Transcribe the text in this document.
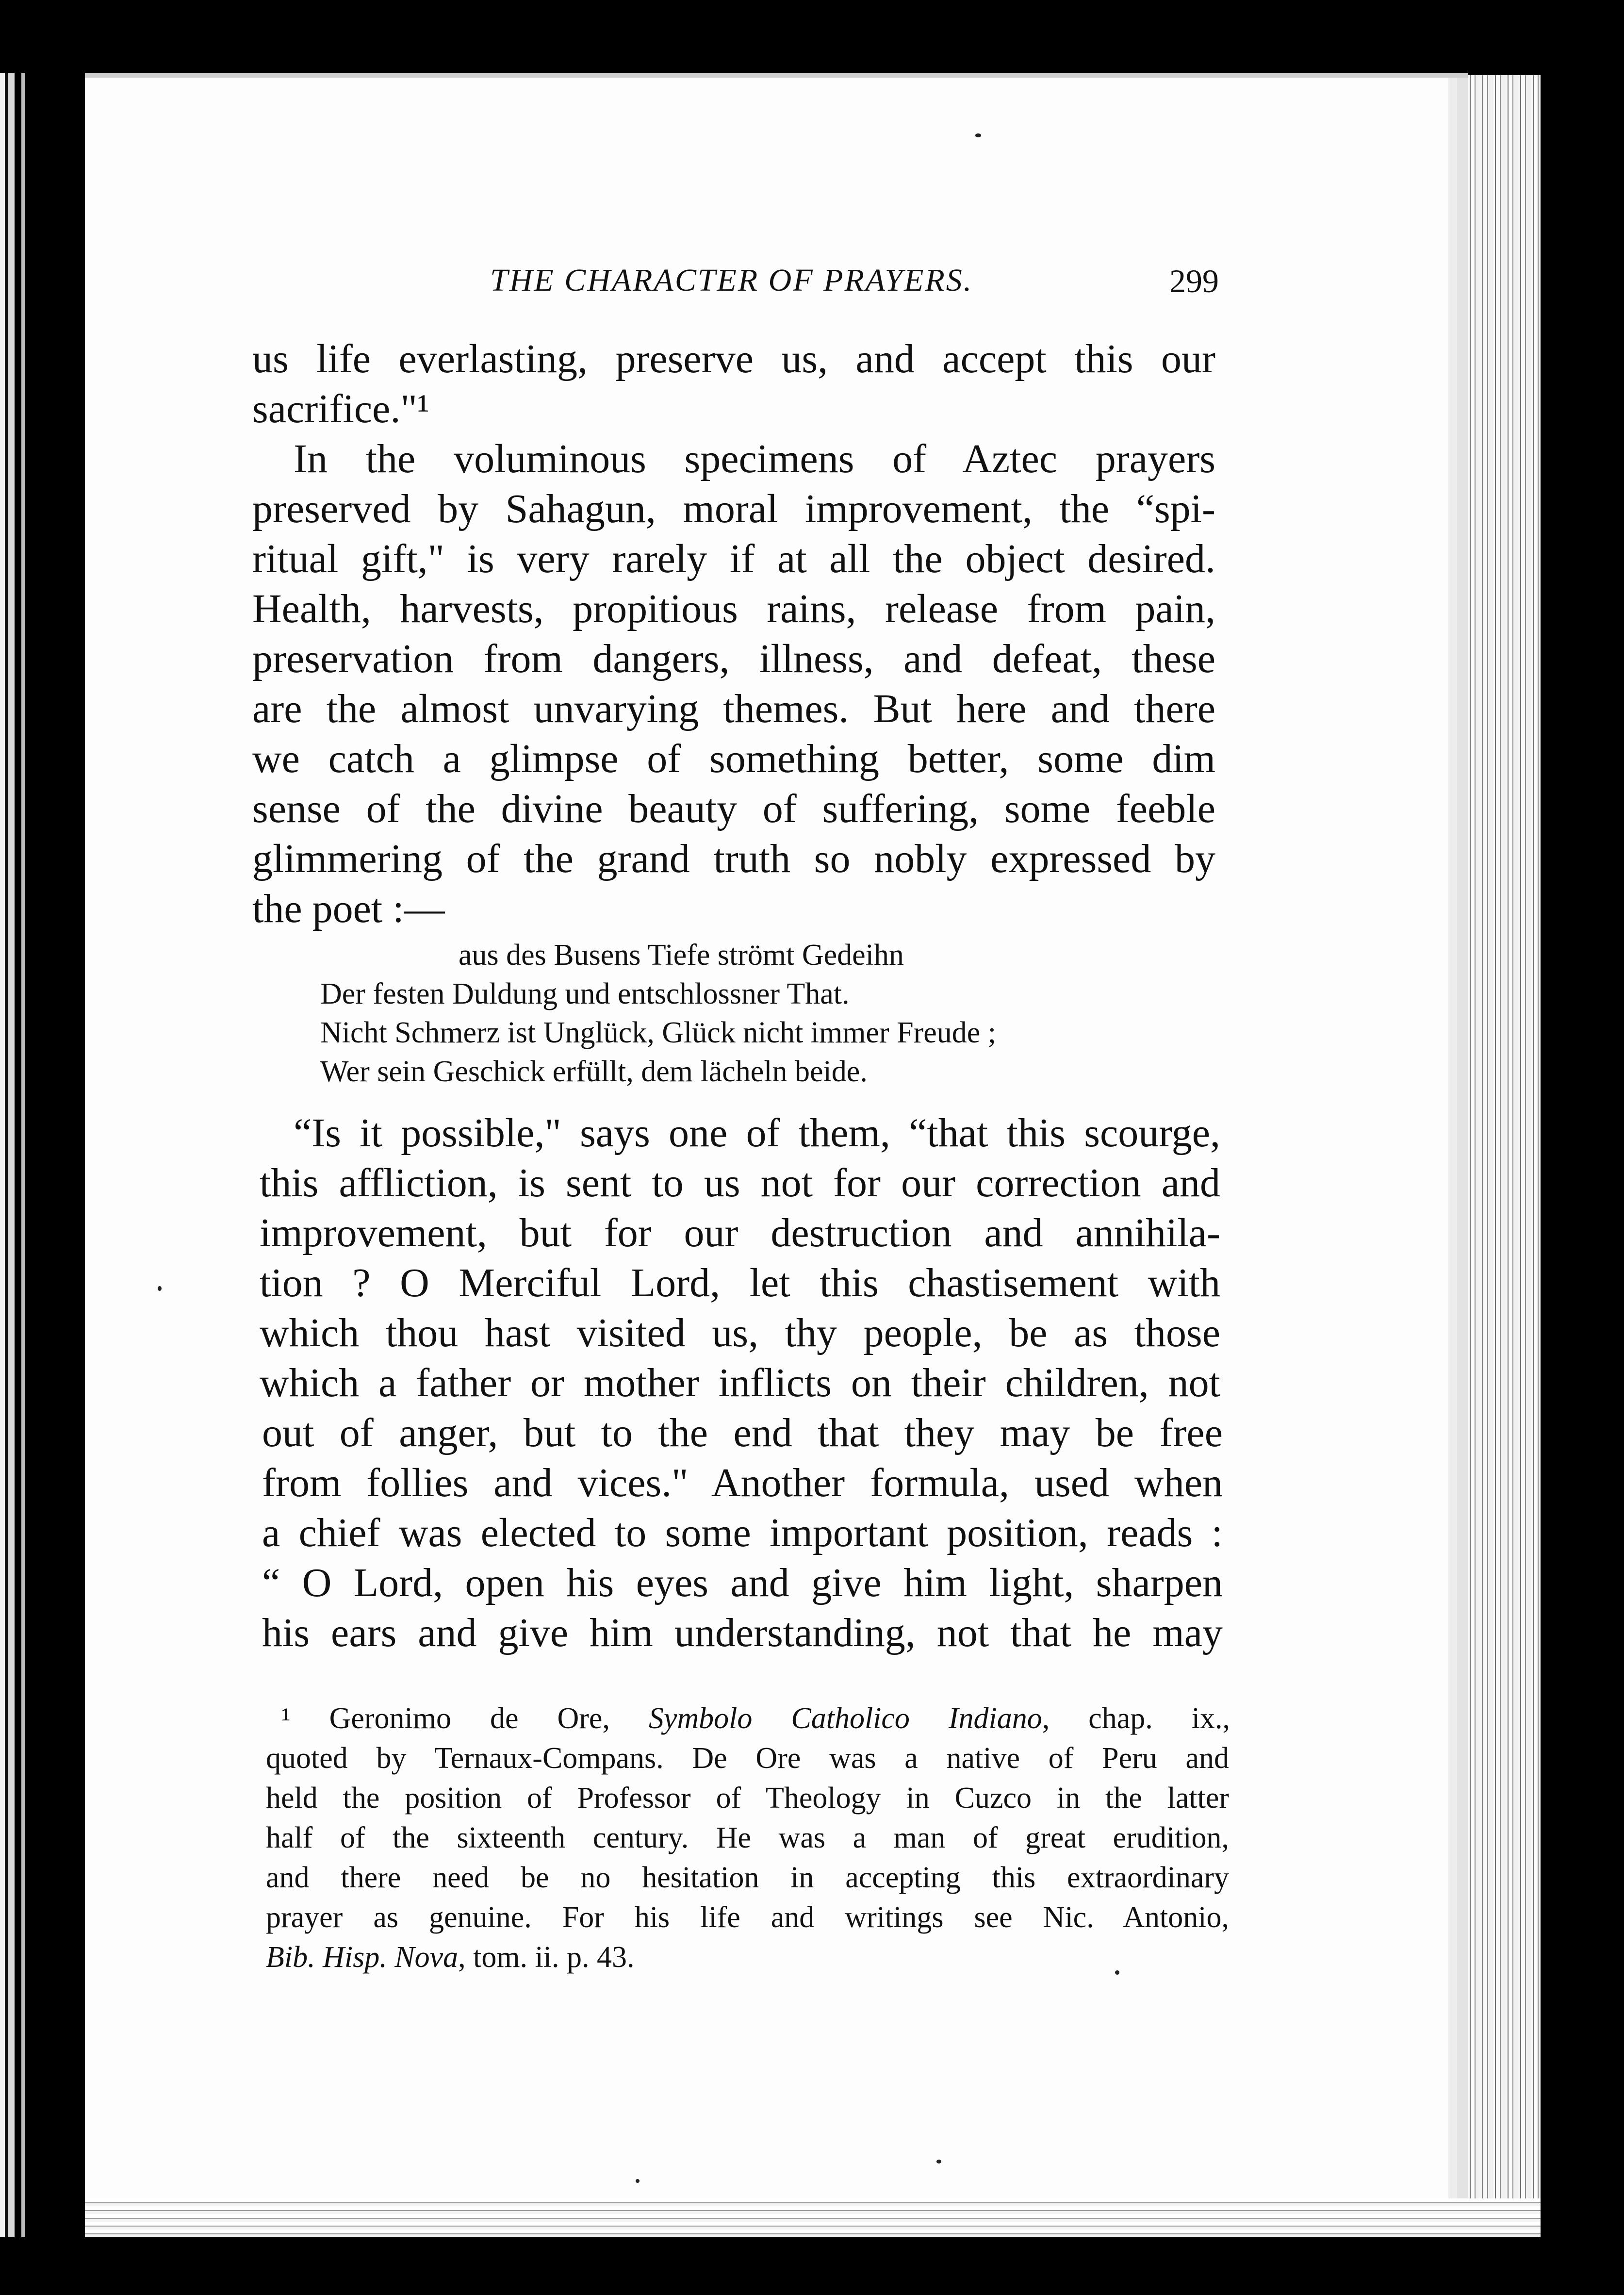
THE CHARACTER OF PRAYERS.	299
us life everlasting, preserve us, and accept this our
sacrifice."¹
In the voluminous specimens of Aztec prayers
preserved by Sahagun, moral improvement, the “spi-
ritual gift," is very rarely if at all the object desired.
Health, harvests, propitious rains, release from pain,
preservation from dangers, illness, and defeat, these
are the almost unvarying themes. But here and there
we catch a glimpse of something better, some dim
sense of the divine beauty of suffering, some feeble
glimmering of the grand truth so nobly expressed by
the poet :—
aus des Busens Tiefe strömt Gedeihn
Der festen Duldung und entschlossner That.
Nicht Schmerz ist Unglück, Glück nicht immer Freude ;
Wer sein Geschick erfüllt, dem lächeln beide.
“Is it possible," says one of them, “that this scourge,
this affliction, is sent to us not for our correction and
improvement, but for our destruction and annihila-
tion ? O Merciful Lord, let this chastisement with
which thou hast visited us, thy people, be as those
which a father or mother inflicts on their children, not
out of anger, but to the end that they may be free
from follies and vices." Another formula, used when
a chief was elected to some important position, reads :
“ O Lord, open his eyes and give him light, sharpen
his ears and give him understanding, not that he may
¹ Geronimo de Ore, Symbolo Catholico Indiano, chap. ix.,
quoted by Ternaux-Compans. De Ore was a native of Peru and
held the position of Professor of Theology in Cuzco in the latter
half of the sixteenth century. He was a man of great erudition,
and there need be no hesitation in accepting this extraordinary
prayer as genuine. For his life and writings see Nic. Antonio,
Bib. Hisp. Nova, tom. ii. p. 43.
